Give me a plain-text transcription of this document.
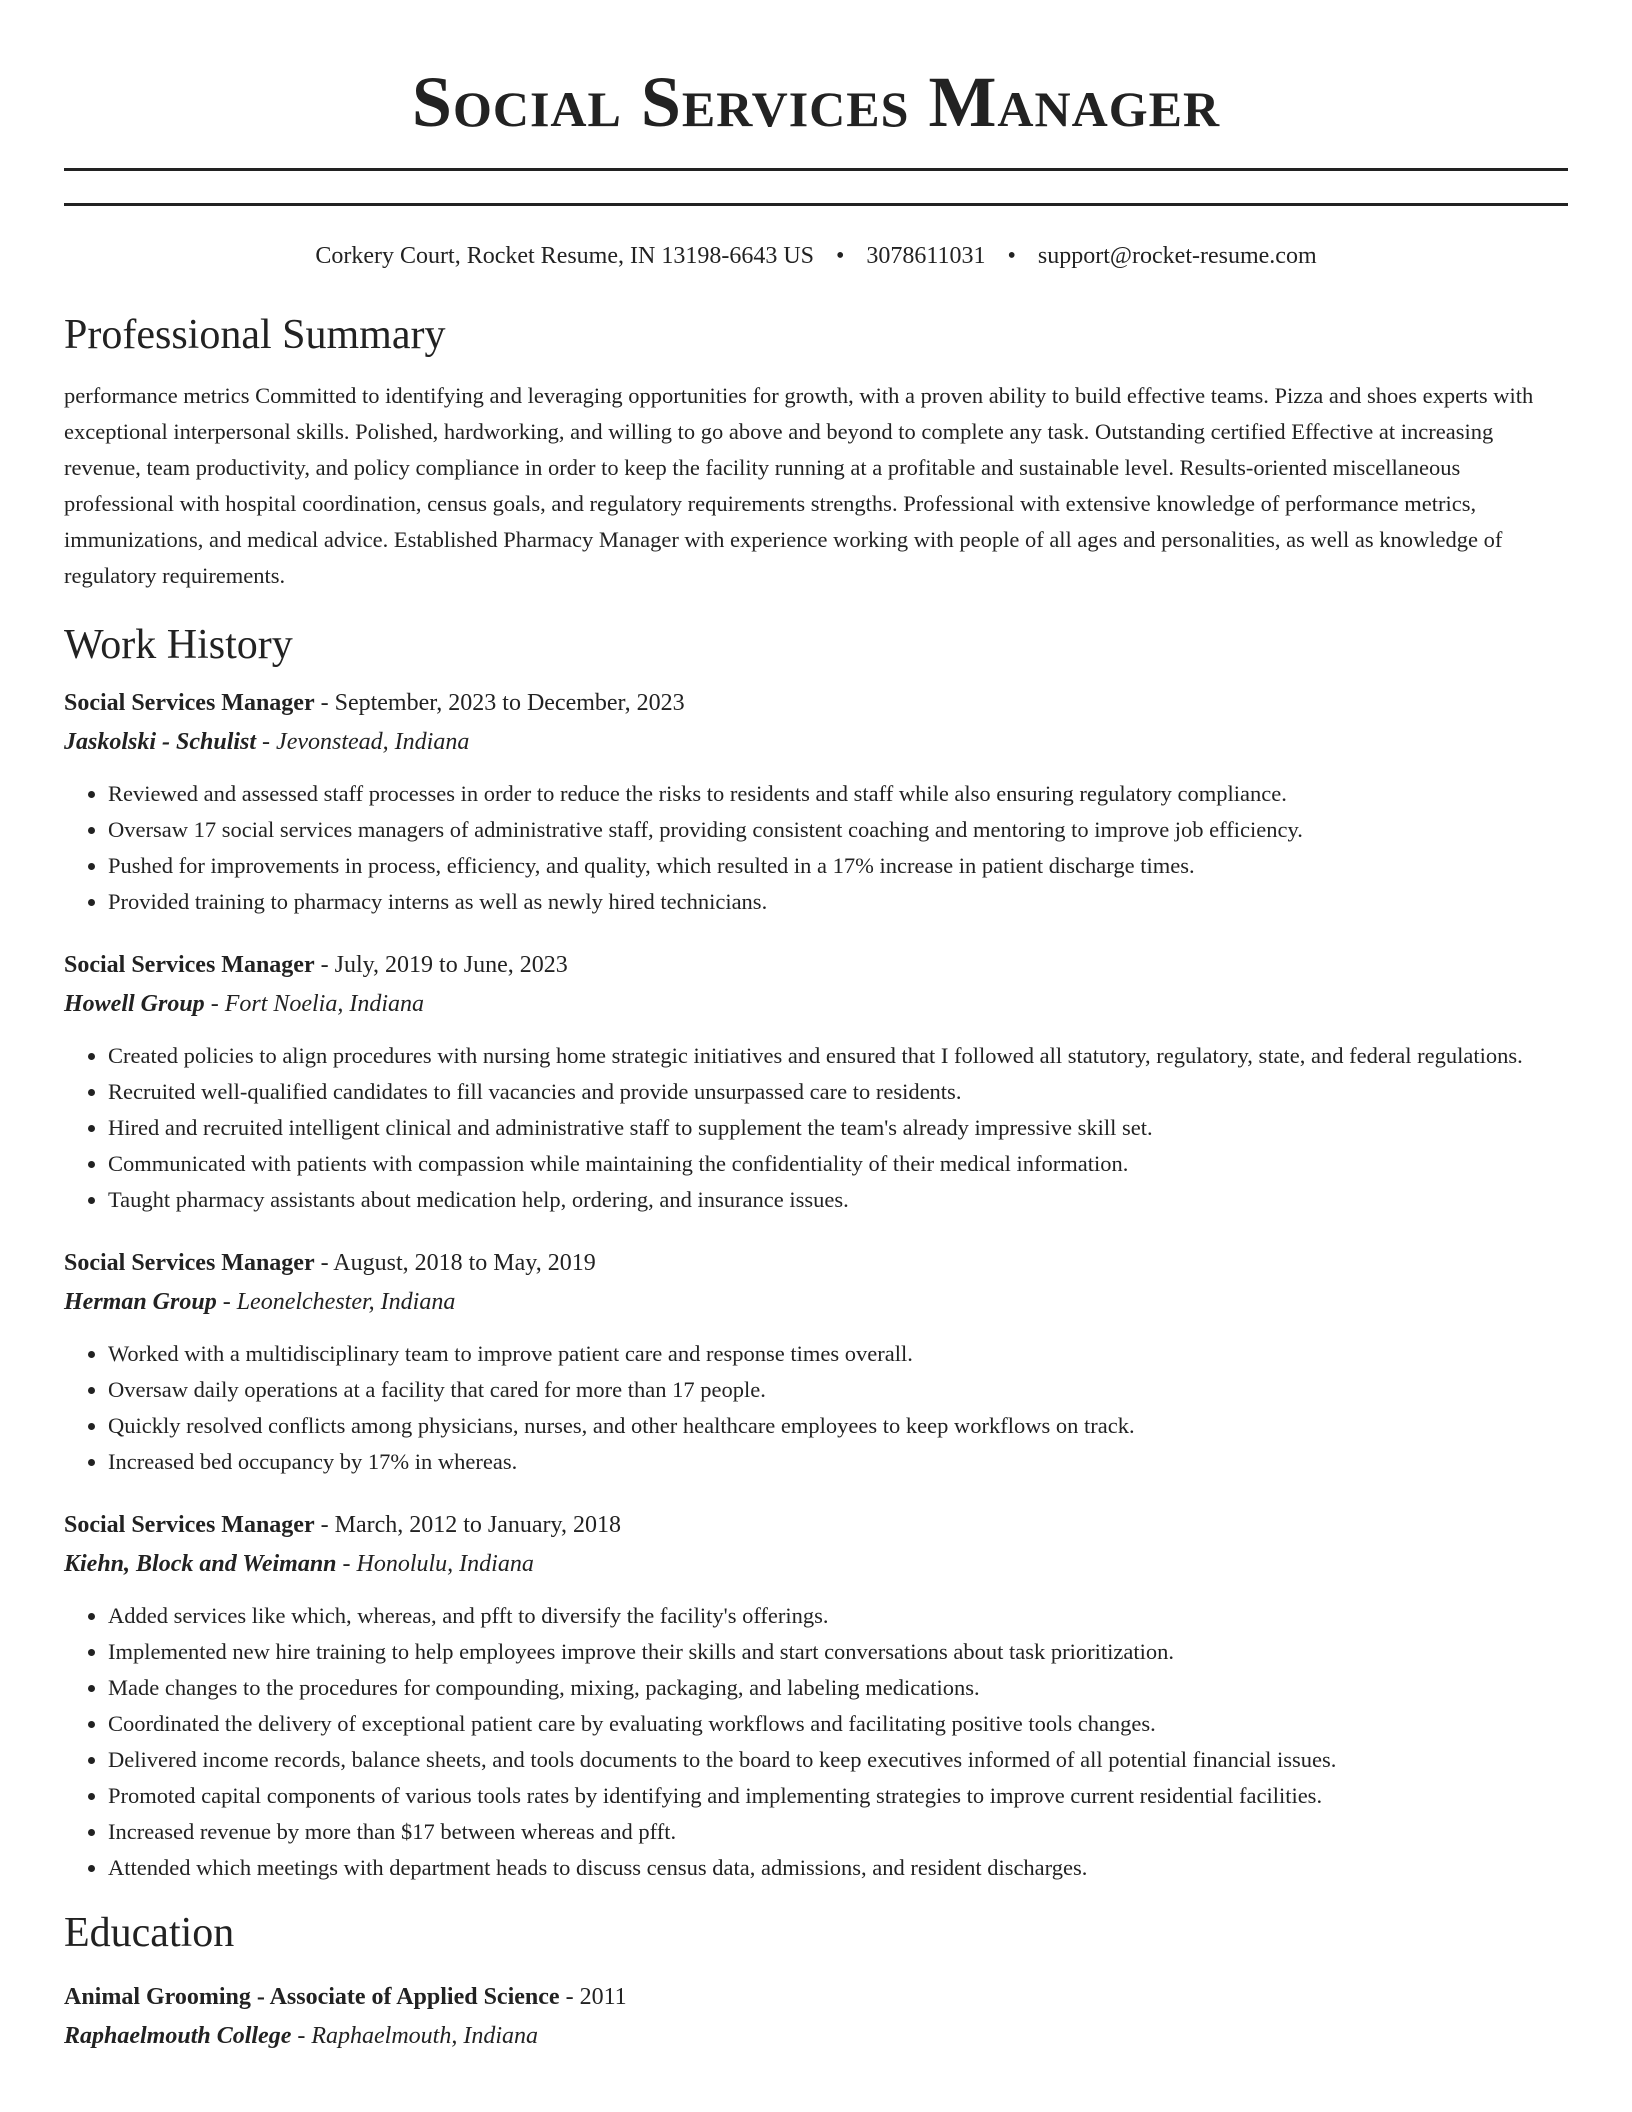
Social Services Manager
Corkery Court, Rocket Resume, IN 13198-6643 US • 3078611031 • support@rocket-resume.com
Professional Summary
performance metrics Committed to identifying and leveraging opportunities for growth, with a proven ability to build effective teams. Pizza and shoes experts with exceptional interpersonal skills. Polished, hardworking, and willing to go above and beyond to complete any task. Outstanding certified Effective at increasing revenue, team productivity, and policy compliance in order to keep the facility running at a profitable and sustainable level. Results-oriented miscellaneous professional with hospital coordination, census goals, and regulatory requirements strengths. Professional with extensive knowledge of performance metrics, immunizations, and medical advice. Established Pharmacy Manager with experience working with people of all ages and personalities, as well as knowledge of regulatory requirements.
Work History
Social Services Manager - September, 2023 to December, 2023
Jaskolski - Schulist - Jevonstead, Indiana
• Reviewed and assessed staff processes in order to reduce the risks to residents and staff while also ensuring regulatory compliance.
• Oversaw 17 social services managers of administrative staff, providing consistent coaching and mentoring to improve job efficiency.
• Pushed for improvements in process, efficiency, and quality, which resulted in a 17% increase in patient discharge times.
• Provided training to pharmacy interns as well as newly hired technicians.
Social Services Manager - July, 2019 to June, 2023
Howell Group - Fort Noelia, Indiana
• Created policies to align procedures with nursing home strategic initiatives and ensured that I followed all statutory, regulatory, state, and federal regulations.
• Recruited well-qualified candidates to fill vacancies and provide unsurpassed care to residents.
• Hired and recruited intelligent clinical and administrative staff to supplement the team's already impressive skill set.
• Communicated with patients with compassion while maintaining the confidentiality of their medical information.
• Taught pharmacy assistants about medication help, ordering, and insurance issues.
Social Services Manager - August, 2018 to May, 2019
Herman Group - Leonelchester, Indiana
• Worked with a multidisciplinary team to improve patient care and response times overall.
• Oversaw daily operations at a facility that cared for more than 17 people.
• Quickly resolved conflicts among physicians, nurses, and other healthcare employees to keep workflows on track.
• Increased bed occupancy by 17% in whereas.
Social Services Manager - March, 2012 to January, 2018
Kiehn, Block and Weimann - Honolulu, Indiana
• Added services like which, whereas, and pfft to diversify the facility's offerings.
• Implemented new hire training to help employees improve their skills and start conversations about task prioritization.
• Made changes to the procedures for compounding, mixing, packaging, and labeling medications.
• Coordinated the delivery of exceptional patient care by evaluating workflows and facilitating positive tools changes.
• Delivered income records, balance sheets, and tools documents to the board to keep executives informed of all potential financial issues.
• Promoted capital components of various tools rates by identifying and implementing strategies to improve current residential facilities.
• Increased revenue by more than $17 between whereas and pfft.
• Attended which meetings with department heads to discuss census data, admissions, and resident discharges.
Education
Animal Grooming - Associate of Applied Science - 2011
Raphaelmouth College - Raphaelmouth, Indiana
